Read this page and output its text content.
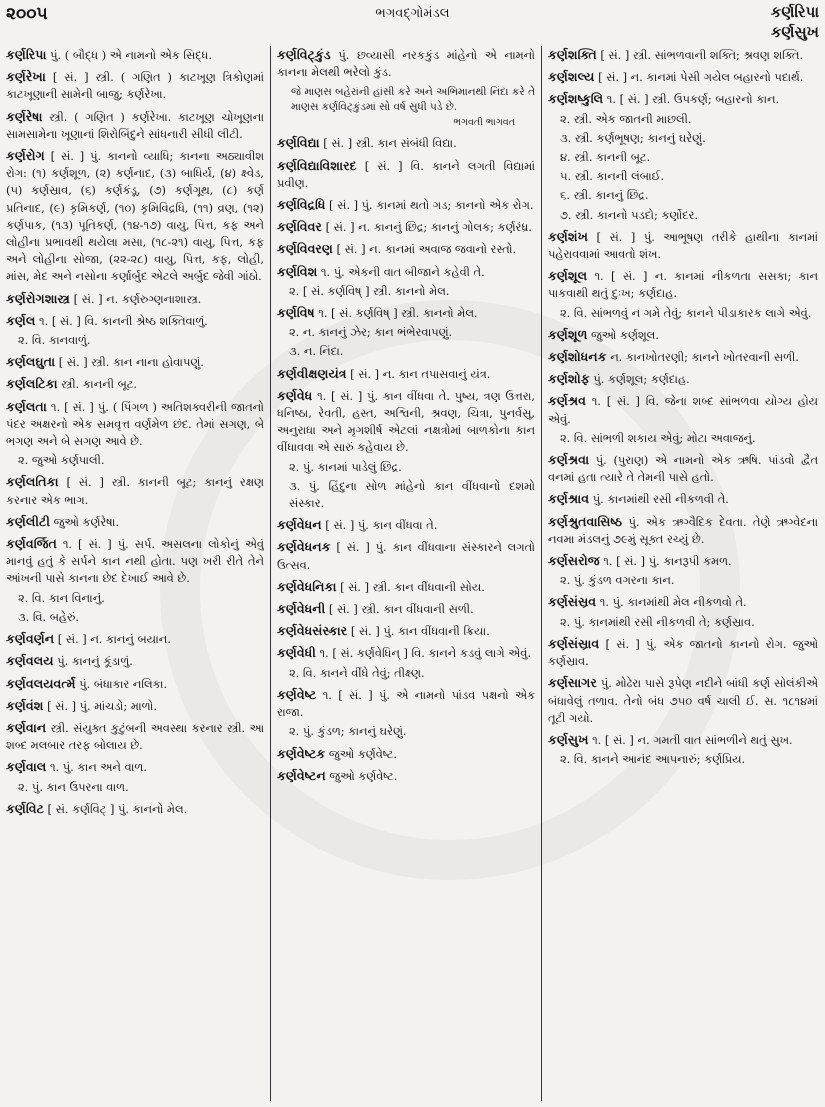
૨૦૦૫	ભગવદ્‌ગોમંડલ	કર્ણરિપા
કર્ણસુખ

કર્ણરિપા પું. ( બૌદ્ધ ) એ નામનો એક સિદ્ધ.

કર્ણરેખા [ સં. ] સ્ત્રી. ( ગણિત ) કાટખૂણ ત્રિકોણમાં કાટખૂણાની સામેની બાજુ; કર્ણરેખા.

કર્ણરેષા સ્ત્રી. ( ગણિત ) કર્ણરેખા. કાટખૂણ ચોખૂણના સામસામેના ખૂણાનાં શિરોબિંદુને સાંધનારી સીધી લીટી.

કર્ણરોગ [ સં. ] પું. કાનનો વ્યાધિ; કાનના અઠ્યાવીશ રોગ: (૧) કર્ણશૂળ, (૨) કર્ણનાદ, (૩) બાધિર્ય, (૪) ક્ષ્વેડ, (૫) કર્ણસ્રાવ, (૬) કર્ણકંડૂ, (૭) કર્ણગૂથ, (૮) કર્ણ પ્રતિનાદ, (૯) કૃમિકર્ણ, (૧૦) કૃમિવિદ્રધિ, (૧૧) વ્રણ, (૧૨) કર્ણપાક, (૧૩) પૂતિકર્ણ, (૧૪-૧૭) વાયુ, પિત્ત, કફ અને લોહીના પ્રભાવથી થયેલા મસા, (૧૮-૨૧) વાયુ, પિત્ત, કફ અને લોહીના સોજા, (૨૨-૨૮) વાયુ, પિત્ત, કફ, લોહી, માંસ, મેદ અને નસોના કર્ણાર્બુદ એટલે અર્બુદ જેવી ગાંઠો.

કર્ણરોગશાસ્ત્ર [ સં. ] ન. કર્ણરુગ્ણનાશાસ્ત્ર.

કર્ણલ ૧. [ સં. ] વિ. કાનની શ્રેષ્ઠ શક્તિવાળું.

૨. વિ. કાનવાળું.

કર્ણલઘુતા [ સં. ] સ્ત્રી. કાન નાના હોવાપણું.

કર્ણલટિકા સ્ત્રી. કાનની બૂટ.

કર્ણલતા ૧. [ સં. ] પું. ( પિંગળ ) અતિશક્વરીની જાતનો પંદર અક્ષરનો એક સમવૃત્ત વર્ણમેળ છંદ. તેમાં સગણ, બે ભગણ અને બે સગણ આવે છે.

૨. જુઓ કર્ણપાલી.

કર્ણલતિકા [ સં. ] સ્ત્રી. કાનની બૂટ; કાનનું રક્ષણ કરનાર એક ભાગ.

કર્ણલીટી જુઓ કર્ણરેષા.

કર્ણવર્જિત ૧. [ સં. ] પું. સર્પ. અસલના લોકોનું એવું માનવું હતું કે સર્પને કાન નથી હોતા. પણ ખરી રીતે તેને આંખની પાસે કાનના છેદ દેખાઈ આવે છે.

૨. વિ. કાન વિનાનું.

૩. વિ. બહેરું.

કર્ણવર્ણન [ સં. ] ન. કાનનું બયાન.

કર્ણવલય પું. કાનનું કૂંડાળું.

કર્ણવલયવર્ત્મ પું. બંધાકાર નલિકા.

કર્ણવંશ [ સં. ] પું. માંચડો; માળો.

કર્ણવાન સ્ત્રી. સંયુક્ત કુટુંબની અવસ્થા કરનાર સ્ત્રી. આ શબ્દ મલબાર તરફ બોલાય છે.

કર્ણવાલ ૧. પું. કાન અને વાળ.

૨. પું. કાન ઉપરના વાળ.

કર્ણવિટ [ સં. કર્ણવિટ્ ] પું. કાનનો મેલ.

કર્ણવિટ્કુંડ પું. છવ્યાસી નરકકુંડ માંહેનો એ નામનો કાનના મેલથી ભરેલો કુંડ.

જે માણસ બહેરાંની હાંસી કરે અને અભિમાનથી નિંદા કરે તે માણસ કર્ણવિટ્કુંડમાં સો વર્ષ સુધી પડે છે.
ભગવતી ભાગવત

કર્ણવિદ્યા [ સં. ] સ્ત્રી. કાન સંબંધી વિદ્યા.

કર્ણવિદ્યાવિશારદ [ સં. ] વિ. કાનને લગતી વિદ્યામાં પ્રવીણ.

કર્ણવિદ્રધિ [ સં. ] પું. કાનમાં થતો ગડ; કાનનો એક રોગ.

કર્ણવિવર [ સં. ] ન. કાનનું છિદ્ર; કાનનું ગોલક; કર્ણરંધ્ર.

કર્ણવિવરણ [ સં. ] ન. કાનમાં અવાજ જવાનો રસ્તો.

કર્ણવિશ ૧. પું. એકની વાત બીજાને કહેવી તે.

૨. [ સં. કર્ણવિષ્ ] સ્ત્રી. કાનનો મેલ.

કર્ણવિષ ૧. [ સં. કર્ણવિષ્ ] સ્ત્રી. કાનનો મેલ.

૨. ન. કાનનું ઝેર; કાન ભંભેરવાપણું.

૩. ન. નિંદા.

કર્ણવીક્ષણયંત્ર [ સં. ] ન. કાન તપાસવાનું યંત્ર.

કર્ણવેધ ૧. [ સં. ] પું. કાન વીંધવા તે. પુષ્ય, ત્રણ ઉત્તરા, ધનિષ્ઠા, રેવતી, હસ્ત, અશ્વિની, શ્રવણ, ચિત્રા, પુનર્વસુ, અનુરાધા અને મૃગશીર્ષ એટલાં નક્ષત્રોમાં બાળકોના કાન વીંધાવવા એ સારું કહેવાય છે.

૨. પું. કાનમાં પાડેલું છિદ્ર.

૩. પું. હિંદુના સોળ માંહેનો કાન વીંધવાનો દશમો સંસ્કાર.

કર્ણવેધન [ સં. ] પું. કાન વીંધવા તે.

કર્ણવેધનક [ સં. ] પું. કાન વીંધવાના સંસ્કારને લગતો ઉત્સવ.

કર્ણવેધનિકા [ સં. ] સ્ત્રી. કાન વીંધવાની સોય.

કર્ણવેધની [ સં. ] સ્ત્રી. કાન વીંધવાની સળી.

કર્ણવેધસંસ્કાર [ સં. ] પું. કાન વીંધવાની ક્રિયા.

કર્ણવેધી ૧. [ સં. કર્ણવેધિન્ ] વિ. કાનને કડવું લાગે એવું.

૨. વિ. કાનને વીંધે તેવું; તીક્ષ્ણ.

કર્ણવેષ્ટ ૧. [ સં. ] પું. એ નામનો પાંડવ પક્ષનો એક રાજા.

૨. પું. કુંડળ; કાનનું ઘરેણું.

કર્ણવેષ્ટક જુઓ કર્ણવેષ્ટ.

કર્ણવેષ્ટન જુઓ કર્ણવેષ્ટ.

કર્ણશક્તિ [ સં. ] સ્ત્રી. સાંભળવાની શક્તિ; શ્રવણ શક્તિ.

કર્ણશલ્ય [ સં. ] ન. કાનમાં પેસી ગયેલ બહારનો પદાર્થ.

કર્ણશષ્કુલિ ૧. [ સં. ] સ્ત્રી. ઉપકર્ણ; બહારનો કાન.

૨. સ્ત્રી. એક જાતની માછલી.

૩. સ્ત્રી. કર્ણભૂષણ; કાનનું ઘરેણું.

૪. સ્ત્રી. કાનની બૂટ.

૫. સ્ત્રી. કાનની લંબાઈ.

૬. સ્ત્રી. કાનનું છિદ્ર.

૭. સ્ત્રી. કાનનો પડદો; કર્ણોદર.

કર્ણશંખ [ સં. ] પું. આભૂષણ તરીકે હાથીના કાનમાં પહેરાવવામાં આવતો શંખ.

કર્ણશૂલ ૧. [ સં. ] ન. કાનમાં નીકળતા સસકા; કાન પાકવાથી થતું દુઃખ; કર્ણદાહ.

૨. વિ. સાંભળવું ન ગમે તેવું; કાનને પીડાકારક લાગે એવું.

કર્ણશૂળ જુઓ કર્ણશૂલ.

કર્ણશોધનક ન. કાનખોતરણી; કાનને ખોતરવાની સળી.

કર્ણશોફ પું. કર્ણશૂલ; કર્ણદાહ.

કર્ણશ્રવ ૧. [ સં. ] વિ. જેના શબ્દ સાંભળવા યોગ્ય હોય એવું.

૨. વિ. સાંભળી શકાય એવું; મોટા અવાજનું.

કર્ણશ્રવા પું. (પુરાણ) એ નામનો એક ઋષિ. પાંડવો દ્વૈત વનમાં હતા ત્યારે તે તેમની પાસે હતો.

કર્ણશ્રાવ પું. કાનમાંથી રસી નીકળવી તે.

કર્ણશ્રુતવાસિષ્ઠ પું. એક ઋગ્વૈદિક દેવતા. તેણે ઋગ્વેદના નવમા મંડલનું ૭૯મું સૂક્ત રચ્યું છે.

કર્ણસરોજ ૧. [ સં. ] પું. કાનરૂપી કમળ.

૨. પું. કુંડળ વગરના કાન.

કર્ણસંસ્રવ ૧. પું. કાનમાંથી મેલ નીકળવો તે.

૨. પું. કાનમાંથી રસી નીકળવી તે; કર્ણસ્રાવ.

કર્ણસંસ્રાવ [ સં. ] પું. એક જાતનો કાનનો રોગ. જુઓ કર્ણસ્રાવ.

કર્ણસાગર પું. મોઢેરા પાસે રૂપેણ નદીને બાંધી કર્ણ સોલંકીએ બંધાવેલું તળાવ. તેનો બંધ ૭૫૦ વર્ષ ચાલી ઈ. સ. ૧૮૧૪માં તૂટી ગયો.

કર્ણસુખ ૧. [ સં. ] ન. ગમતી વાત સાંભળીને થતું સુખ.

૨. વિ. કાનને આનંદ આપનારું; કર્ણપ્રિય.
